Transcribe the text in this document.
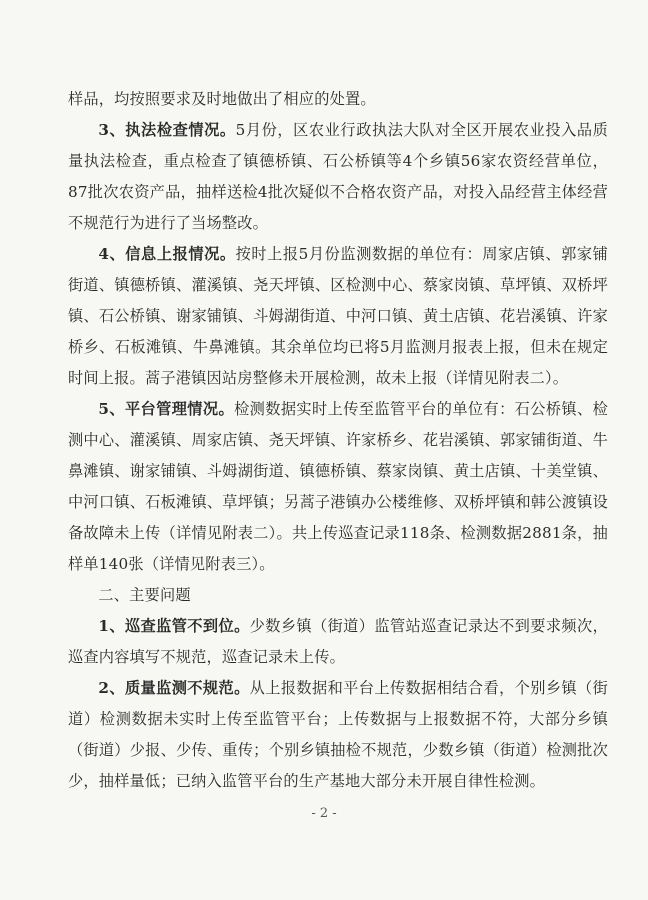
样品，均按照要求及时地做出了相应的处置。

3、执法检查情况。5月份，区农业行政执法大队对全区开展农业投入品质量执法检查，重点检查了镇德桥镇、石公桥镇等4个乡镇56家农资经营单位，87批次农资产品，抽样送检4批次疑似不合格农资产品，对投入品经营主体经营不规范行为进行了当场整改。

4、信息上报情况。按时上报5月份监测数据的单位有：周家店镇、郭家铺街道、镇德桥镇、灌溪镇、尧天坪镇、区检测中心、蔡家岗镇、草坪镇、双桥坪镇、石公桥镇、谢家铺镇、斗姆湖街道、中河口镇、黄土店镇、花岩溪镇、许家桥乡、石板滩镇、牛鼻滩镇。其余单位均已将5月监测月报表上报，但未在规定时间上报。蒿子港镇因站房整修未开展检测，故未上报（详情见附表二）。

5、平台管理情况。检测数据实时上传至监管平台的单位有：石公桥镇、检测中心、灌溪镇、周家店镇、尧天坪镇、许家桥乡、花岩溪镇、郭家铺街道、牛鼻滩镇、谢家铺镇、斗姆湖街道、镇德桥镇、蔡家岗镇、黄土店镇、十美堂镇、中河口镇、石板滩镇、草坪镇；另蒿子港镇办公楼维修、双桥坪镇和韩公渡镇设备故障未上传（详情见附表二）。共上传巡查记录118条、检测数据2881条，抽样单140张（详情见附表三）。

二、主要问题

1、巡查监管不到位。少数乡镇（街道）监管站巡查记录达不到要求频次，巡查内容填写不规范，巡查记录未上传。

2、质量监测不规范。从上报数据和平台上传数据相结合看，个别乡镇（街道）检测数据未实时上传至监管平台；上传数据与上报数据不符，大部分乡镇（街道）少报、少传、重传；个别乡镇抽检不规范，少数乡镇（街道）检测批次少，抽样量低；已纳入监管平台的生产基地大部分未开展自律性检测。

- 2 -
